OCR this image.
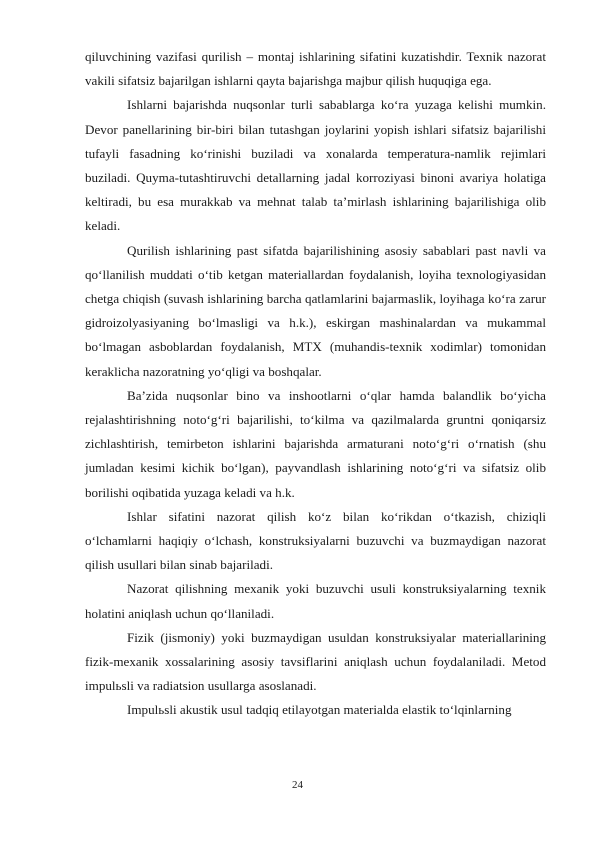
qiluvchining vazifasi qurilish – montaj ishlarining sifatini kuzatishdir. Texnik nazorat vakili sifatsiz bajarilgan ishlarni qayta bajarishga majbur qilish huquqiga ega.

Ishlarni bajarishda nuqsonlar turli sabablarga ko‘ra yuzaga kelishi mumkin. Devor panellarining bir-biri bilan tutashgan joylarini yopish ishlari sifatsiz bajarilishi tufayli fasadning ko‘rinishi buziladi va xonalarda temperatura-namlik rejimlari buziladi. Quyma-tutashtiruvchi detallarning jadal korroziyasi binoni avariya holatiga keltiradi, bu esa murakkab va mehnat talab ta’mirlash ishlarining bajarilishiga olib keladi.

Qurilish ishlarining past sifatda bajarilishining asosiy sabablari past navli va qo‘llanilish muddati o‘tib ketgan materiallardan foydalanish, loyiha texnologiyasidan chetga chiqish (suvash ishlarining barcha qatlamlarini bajarmaslik, loyihaga ko‘ra zarur gidroizolyasiyaning bo‘lmasligi va h.k.), eskirgan mashinalardan va mukammal bo‘lmagan asboblardan foydalanish, MTX (muhandis-texnik xodimlar) tomonidan keraklicha nazoratning yo‘qligi va boshqalar.

Ba’zida nuqsonlar bino va inshootlarni o‘qlar hamda balandlik bo‘yicha rejalashtirishning noto‘g‘ri bajarilishi, to‘kilma va qazilmalarda gruntni qoniqarsiz zichlashtirish, temirbeton ishlarini bajarishda armaturani noto‘g‘ri o‘rnatish (shu jumladan kesimi kichik bo‘lgan), payvandlash ishlarining noto‘g‘ri va sifatsiz olib borilishi oqibatida yuzaga keladi va h.k.

Ishlar sifatini nazorat qilish ko‘z bilan ko‘rikdan o‘tkazish, chiziqli o‘lchamlarni haqiqiy o‘lchash, konstruksiyalarni buzuvchi va buzmaydigan nazorat qilish usullari bilan sinab bajariladi.

Nazorat qilishning mexanik yoki buzuvchi usuli konstruksiyalarning texnik holatini aniqlash uchun qo‘llaniladi.

Fizik (jismoniy) yoki buzmaydigan usuldan konstruksiyalar materiallarining fizik-mexanik xossalarining asosiy tavsiflarini aniqlash uchun foydalaniladi. Metod impulьsli va radiatsion usullarga asoslanadi.

Impulьsli akustik usul tadqiq etilayotgan materialda elastik to‘lqinlarning

24
